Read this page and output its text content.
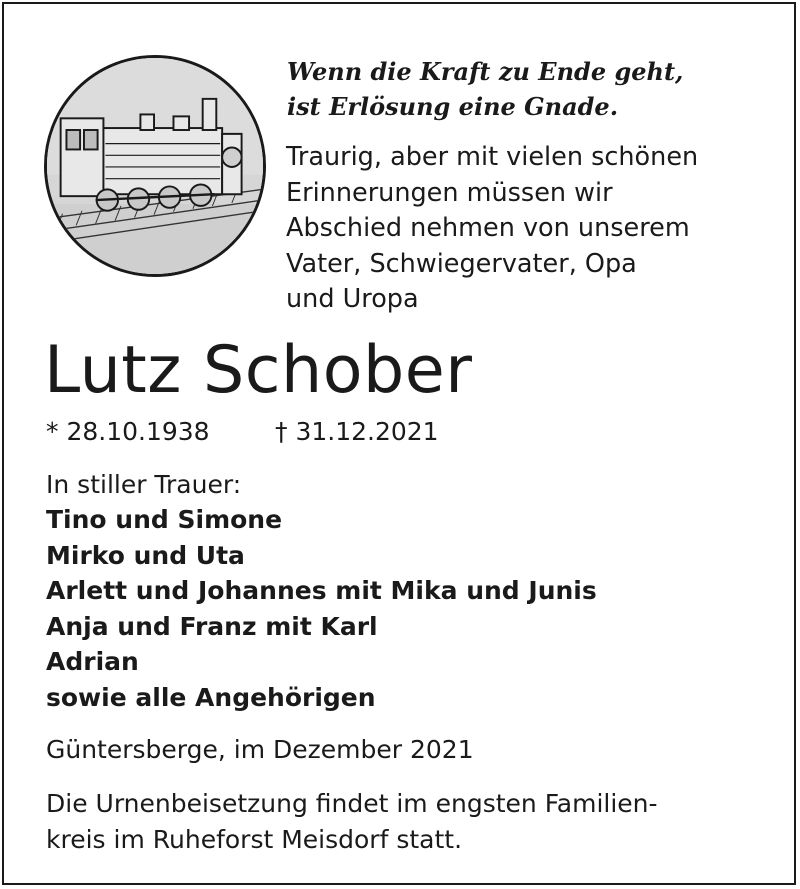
Wenn die Kraft zu Ende geht,
ist Erlösung eine Gnade.
Traurig, aber mit vielen schönen
Erinnerungen müssen wir
Abschied nehmen von unserem
Vater, Schwiegervater, Opa
und Uropa
Lutz Schober
* 28.10.1938	† 31.12.2021
In stiller Trauer:
Tino und Simone
Mirko und Uta
Arlett und Johannes mit Mika und Junis
Anja und Franz mit Karl
Adrian
sowie alle Angehörigen
Güntersberge, im Dezember 2021
Die Urnenbeisetzung findet im engsten Familien-
kreis im Ruheforst Meisdorf statt.
